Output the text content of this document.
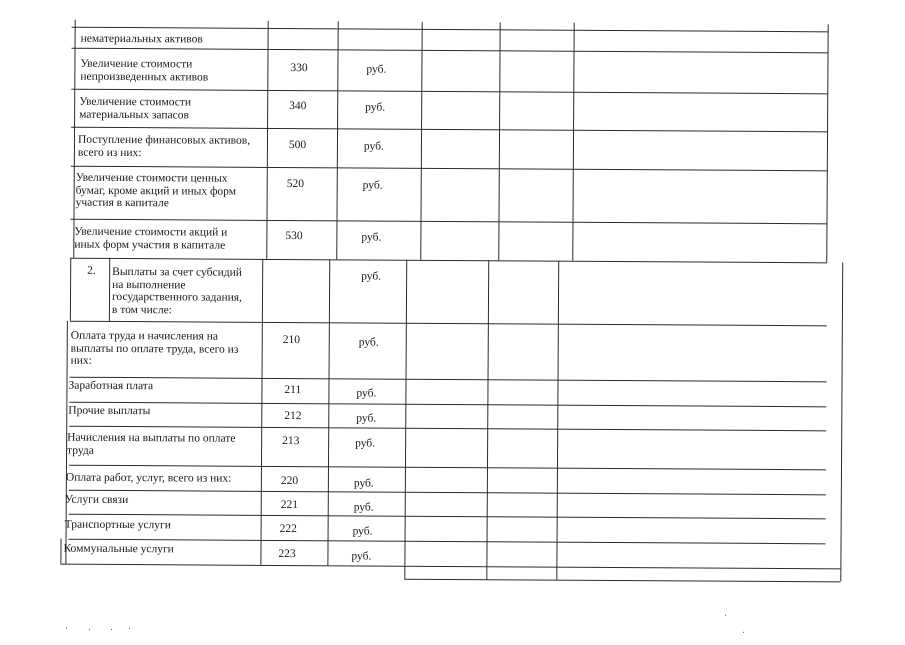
нематериальных активов
Увеличение стоимости
непроизведенных активов
330	руб.
Увеличение стоимости
материальных запасов
340	руб.
Поступление финансовых активов,
всего из них:
500	руб.
Увеличение стоимости ценных
бумаг, кроме акций и иных форм
участия в капитале
520	руб.
Увеличение стоимости акций и
иных форм участия в капитале
530	руб.
2. Выплаты за счет субсидий
на выполнение
государственного задания,
в том числе:
руб.
Оплата труда и начисления на
выплаты по оплате труда, всего из
них:
210	руб.
Заработная плата	211	руб.
Прочие выплаты	212	руб.
Начисления на выплаты по оплате
труда
213	руб.
Оплата работ, услуг, всего из них:	220	руб.
Услуги связи	221	руб.
Транспортные услуги	222	руб.
Коммунальные услуги	223	руб.
